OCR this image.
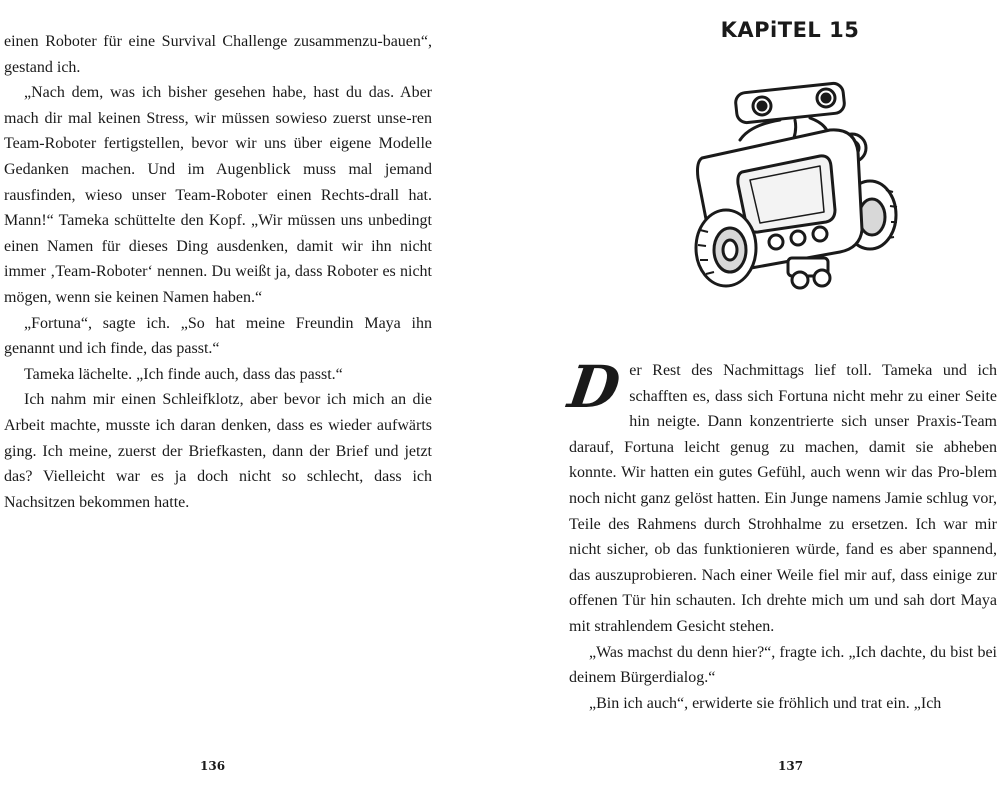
einen Roboter für eine Survival Challenge zusammenzu-bauen“, gestand ich.

„Nach dem, was ich bisher gesehen habe, hast du das. Aber mach dir mal keinen Stress, wir müssen sowieso zuerst unse-ren Team-Roboter fertigstellen, bevor wir uns über eigene Modelle Gedanken machen. Und im Augenblick muss mal jemand rausfinden, wieso unser Team-Roboter einen Rechts-drall hat. Mann!“ Tameka schüttelte den Kopf. „Wir müssen uns unbedingt einen Namen für dieses Ding ausdenken, damit wir ihn nicht immer ‚Team-Roboter‘ nennen. Du weißt ja, dass Roboter es nicht mögen, wenn sie keinen Namen haben.“

„Fortuna“, sagte ich. „So hat meine Freundin Maya ihn genannt und ich finde, das passt.“

Tameka lächelte. „Ich finde auch, dass das passt.“

Ich nahm mir einen Schleifklotz, aber bevor ich mich an die Arbeit machte, musste ich daran denken, dass es wieder aufwärts ging. Ich meine, zuerst der Briefkasten, dann der Brief und jetzt das? Vielleicht war es ja doch nicht so schlecht, dass ich Nachsitzen bekommen hatte.

136
KAPiTEL 15

Der Rest des Nachmittags lief toll. Tameka und ich schafften es, dass sich Fortuna nicht mehr zu einer Seite hin neigte. Dann konzentrierte sich unser Praxis-Team darauf, Fortuna leicht genug zu machen, damit sie abheben konnte. Wir hatten ein gutes Gefühl, auch wenn wir das Pro-blem noch nicht ganz gelöst hatten. Ein Junge namens Jamie schlug vor, Teile des Rahmens durch Strohhalme zu ersetzen. Ich war mir nicht sicher, ob das funktionieren würde, fand es aber spannend, das auszuprobieren. Nach einer Weile fiel mir auf, dass einige zur offenen Tür hin schauten. Ich drehte mich um und sah dort Maya mit strahlendem Gesicht stehen.

„Was machst du denn hier?“, fragte ich. „Ich dachte, du bist bei deinem Bürgerdialog.“

„Bin ich auch“, erwiderte sie fröhlich und trat ein. „Ich

137
